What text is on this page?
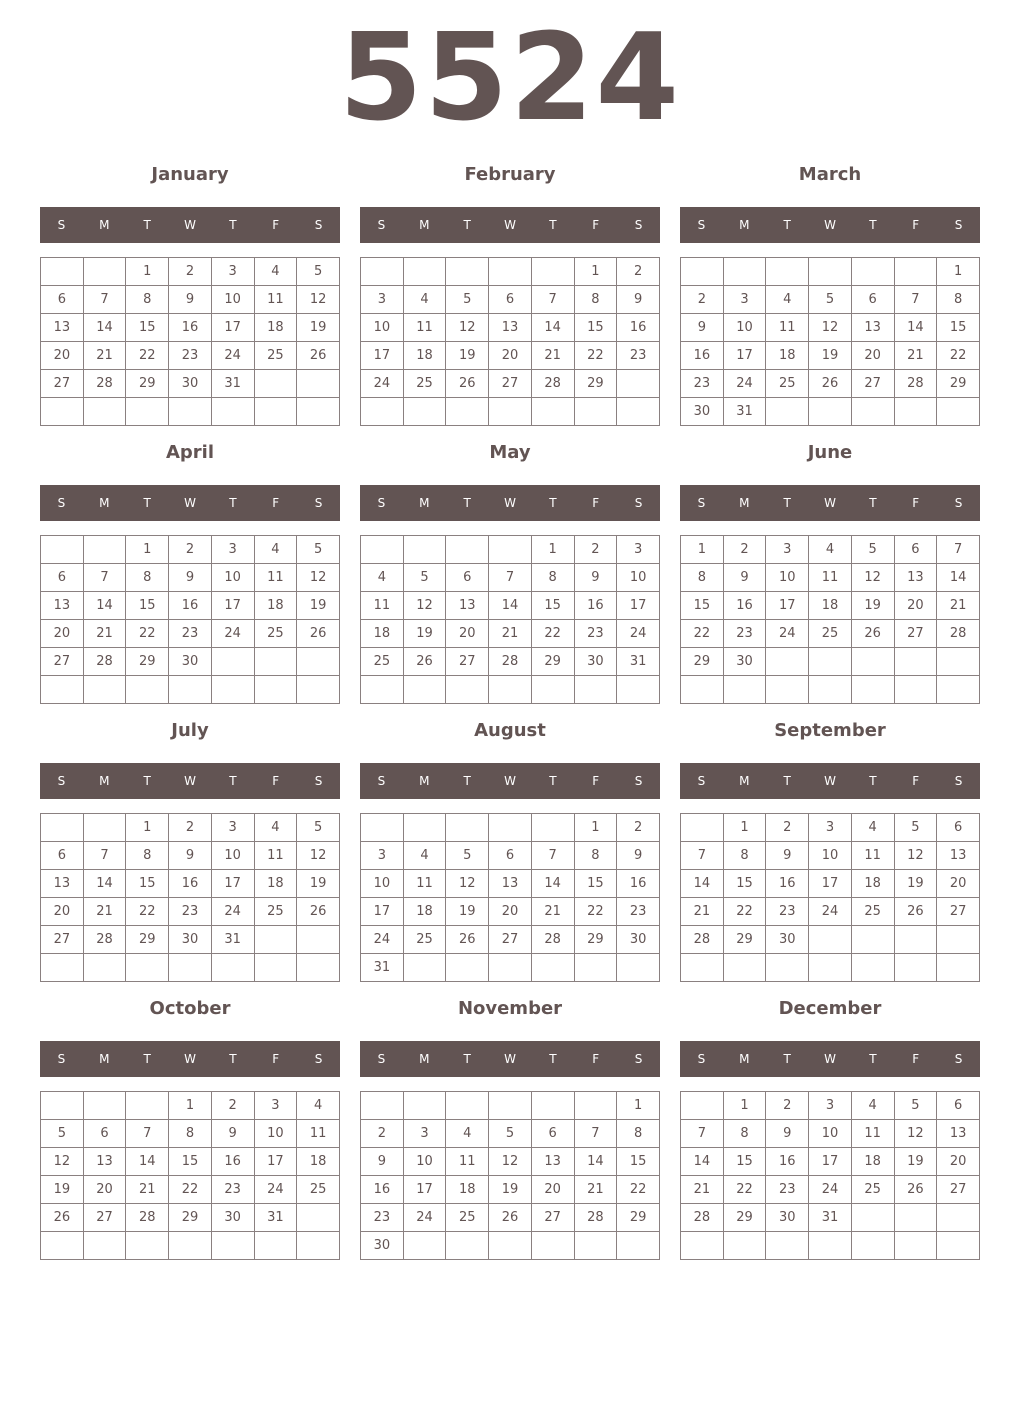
5524
January
S	M	T	W	T	F	S
		1	2	3	4	5
6	7	8	9	10	11	12
13	14	15	16	17	18	19
20	21	22	23	24	25	26
27	28	29	30	31		

February
S	M	T	W	T	F	S
					1	2
3	4	5	6	7	8	9
10	11	12	13	14	15	16
17	18	19	20	21	22	23
24	25	26	27	28	29	

March
S	M	T	W	T	F	S
						1
2	3	4	5	6	7	8
9	10	11	12	13	14	15
16	17	18	19	20	21	22
23	24	25	26	27	28	29
30	31					
April
S	M	T	W	T	F	S
		1	2	3	4	5
6	7	8	9	10	11	12
13	14	15	16	17	18	19
20	21	22	23	24	25	26
27	28	29	30			

May
S	M	T	W	T	F	S
				1	2	3
4	5	6	7	8	9	10
11	12	13	14	15	16	17
18	19	20	21	22	23	24
25	26	27	28	29	30	31

June
S	M	T	W	T	F	S
1	2	3	4	5	6	7
8	9	10	11	12	13	14
15	16	17	18	19	20	21
22	23	24	25	26	27	28
29	30					

July
S	M	T	W	T	F	S
		1	2	3	4	5
6	7	8	9	10	11	12
13	14	15	16	17	18	19
20	21	22	23	24	25	26
27	28	29	30	31		

August
S	M	T	W	T	F	S
					1	2
3	4	5	6	7	8	9
10	11	12	13	14	15	16
17	18	19	20	21	22	23
24	25	26	27	28	29	30
31						
September
S	M	T	W	T	F	S
	1	2	3	4	5	6
7	8	9	10	11	12	13
14	15	16	17	18	19	20
21	22	23	24	25	26	27
28	29	30				

October
S	M	T	W	T	F	S
			1	2	3	4
5	6	7	8	9	10	11
12	13	14	15	16	17	18
19	20	21	22	23	24	25
26	27	28	29	30	31	

November
S	M	T	W	T	F	S
						1
2	3	4	5	6	7	8
9	10	11	12	13	14	15
16	17	18	19	20	21	22
23	24	25	26	27	28	29
30						
December
S	M	T	W	T	F	S
	1	2	3	4	5	6
7	8	9	10	11	12	13
14	15	16	17	18	19	20
21	22	23	24	25	26	27
28	29	30	31			
